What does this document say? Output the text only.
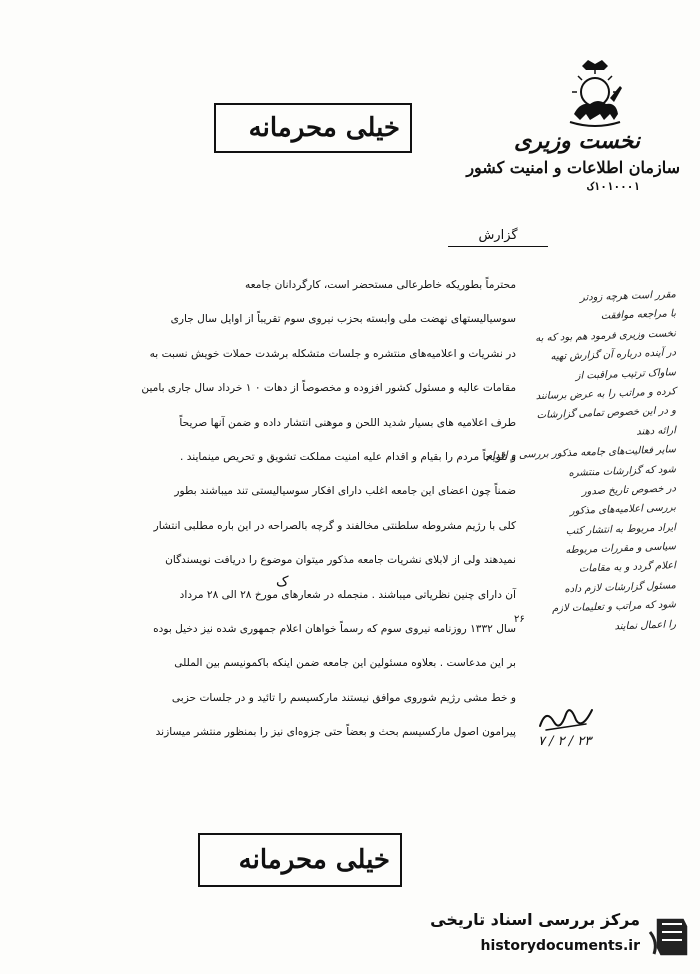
نخست وزیری
سازمان اطلاعات و امنیت کشور
۱۰۱۰۰۰۱ک
خیلی محرمانه
گزارش
محترماً بطوریکه خاطرعالی مستحضر است، کارگردانان جامعه
سوسیالیستهای نهضت ملی وابسته بحزب نیروی سوم تقریباً از اوایل سال جاری
در نشریات و اعلامیه‌های منتشره و جلسات متشکله برشدت حملات خویش نسبت به
مقامات عالیه و مسئول کشور افزوده و مخصوصاً از دهات ۰ ۱ خرداد سال جاری بامین
طرف اعلامیه های بسیار شدید اللحن و موهنی انتشار داده و ضمن آنها صریحاً
و تلویحاً مردم را بقیام و اقدام علیه امنیت مملکت تشویق و تحریص مینمایند .
ضمناً چون اعضای این جامعه اغلب دارای افکار سوسیالیستی تند میباشند بطور
کلی با رژیم مشروطه سلطنتی مخالفند و گرچه بالصراحه در این باره مطلبی انتشار
نمیدهند ولی از لابلای نشریات جامعه مذکور میتوان موضوع را دریافت نویسندگان
آن دارای چنین نظریاتی میباشند . منجمله در شعارهای مورخ ۲۸ الی ۲۸ مرداد
سال ۱۳۳۲ روزنامه نیروی سوم که رسماً خواهان اعلام جمهوری شده نیز دخیل بوده
بر این مدعاست . بعلاوه مسئولین این جامعه ضمن اینکه باکمونیسم بین المللی
و خط مشی رژیم شوروی موافق نیستند مارکسیسم را تائید و در جلسات حزبی
پیرامون اصول مارکسیسم بحث و بعضاً حتی جزوه‌ای نیز را بمنظور منتشر میسازند
ک
۲۶
مقرر است هرچه زودتر
با مراجعه موافقت
نخست وزیری فرمود هم بود که به
در آینده درباره آن گزارش تهیه
ساواک ترتیب مراقبت از
کرده و مراتب را به عرض برسانند
و در این خصوص تمامی گزارشات
ارائه دهند
سایر فعالیت‌های جامعه مذکور بررسی و اقدام
شود که گزارشات منتشره
در خصوص تاریخ صدور
بررسی اعلامیه‌های مذکور
ایراد مربوط به انتشار کتب
سیاسی و مقررات مربوطه
اعلام گردد و به مقامات
مسئول گزارشات لازم داده
شود که مراتب و تعلیمات لازم
را اعمال نمایند
۲۳ / ۲ / ۷
خیلی محرمانه
مرکز بررسی اسناد تاریخی
historydocuments.ir
